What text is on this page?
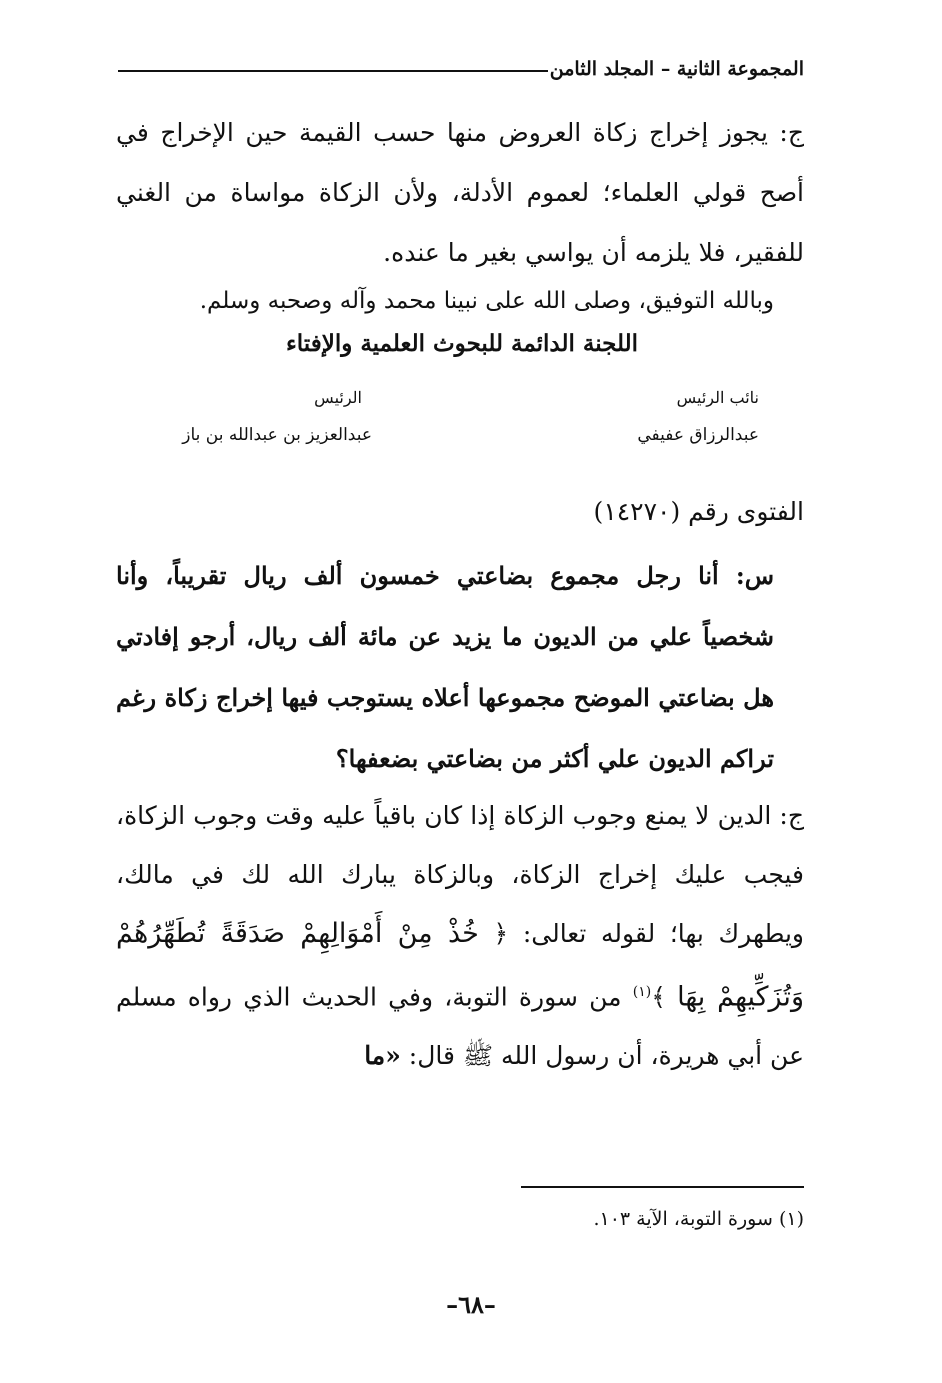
المجموعة الثانية – المجلد الثامن

ج: يجوز إخراج زكاة العروض منها حسب القيمة حين الإخراج في أصح قولي العلماء؛ لعموم الأدلة، ولأن الزكاة مواساة من الغني للفقير، فلا يلزمه أن يواسي بغير ما عنده.

وبالله التوفيق، وصلى الله على نبينا محمد وآله وصحبه وسلم.

اللجنة الدائمة للبحوث العلمية والإفتاء
نائب الرئيس
الرئيس
عبدالرزاق عفيفي
عبدالعزيز بن عبدالله بن باز
الفتوى رقم (١٤٢٧٠)

س: أنا رجل مجموع بضاعتي خمسون ألف ريال تقريباً، وأنا شخصياً علي من الديون ما يزيد عن مائة ألف ريال، أرجو إفادتي هل بضاعتي الموضح مجموعها أعلاه يستوجب فيها إخراج زكاة رغم تراكم الديون علي أكثر من بضاعتي بضعفها؟

ج: الدين لا يمنع وجوب الزكاة إذا كان باقياً عليه وقت وجوب الزكاة، فيجب عليك إخراج الزكاة، وبالزكاة يبارك الله لك في مالك، ويطهرك بها؛ لقوله تعالى: ﴿ خُذْ مِنْ أَمْوَالِهِمْ صَدَقَةً تُطَهِّرُهُمْ وَتُزَكِّيهِمْ بِهَا ﴾$^{(١)}$ من سورة التوبة، وفي الحديث الذي رواه مسلم عن أبي هريرة، أن رسول الله ﷺ قال: «ما

(١) سورة التوبة، الآية ١٠٣.
–٦٨–
